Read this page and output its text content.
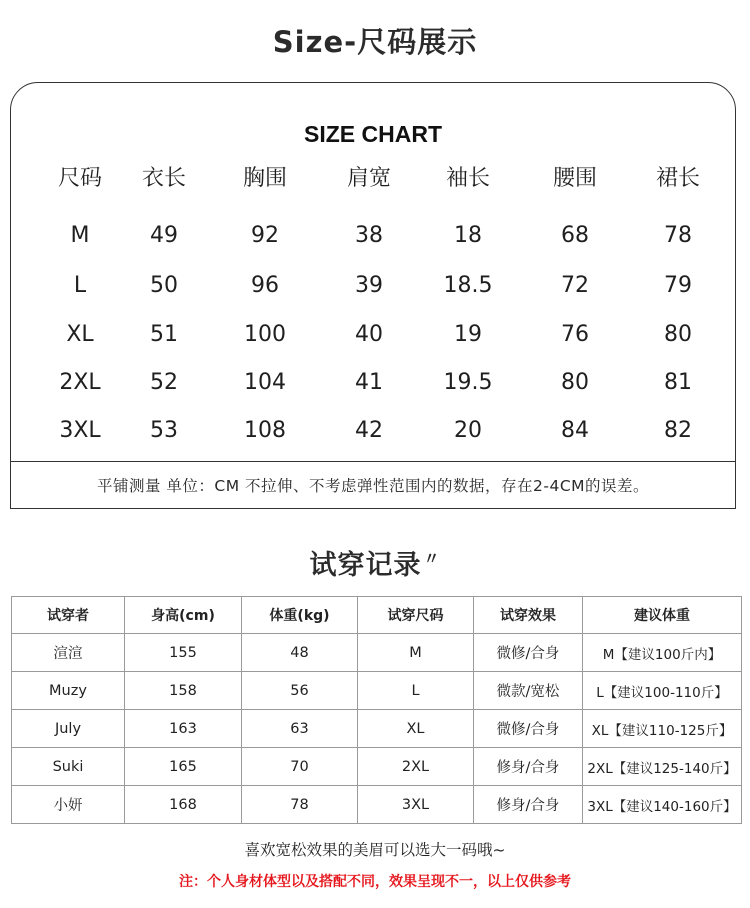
Size-尺码展示
SIZE CHART
尺码	衣长	胸围	肩宽	袖长	腰围	裙长
M	49	92	38	18	68	78
L	50	96	39	18.5	72	79
XL	51	100	40	19	76	80
2XL	52	104	41	19.5	80	81
3XL	53	108	42	20	84	82
平铺测量 单位：CM 不拉伸、不考虑弹性范围内的数据，存在2-4CM的误差。
试穿记录 〃
试穿者	身高(cm)	体重(kg)	试穿尺码	试穿效果	建议体重
渲渲	155	48	M	微修/合身	M【建议100斤内】
Muzy	158	56	L	微款/宽松	L【建议100-110斤】
July	163	63	XL	微修/合身	XL【建议110-125斤】
Suki	165	70	2XL	修身/合身	2XL【建议125-140斤】
小妍	168	78	3XL	修身/合身	3XL【建议140-160斤】
喜欢宽松效果的美眉可以选大一码哦~
注：个人身材体型以及搭配不同，效果呈现不一，以上仅供参考
